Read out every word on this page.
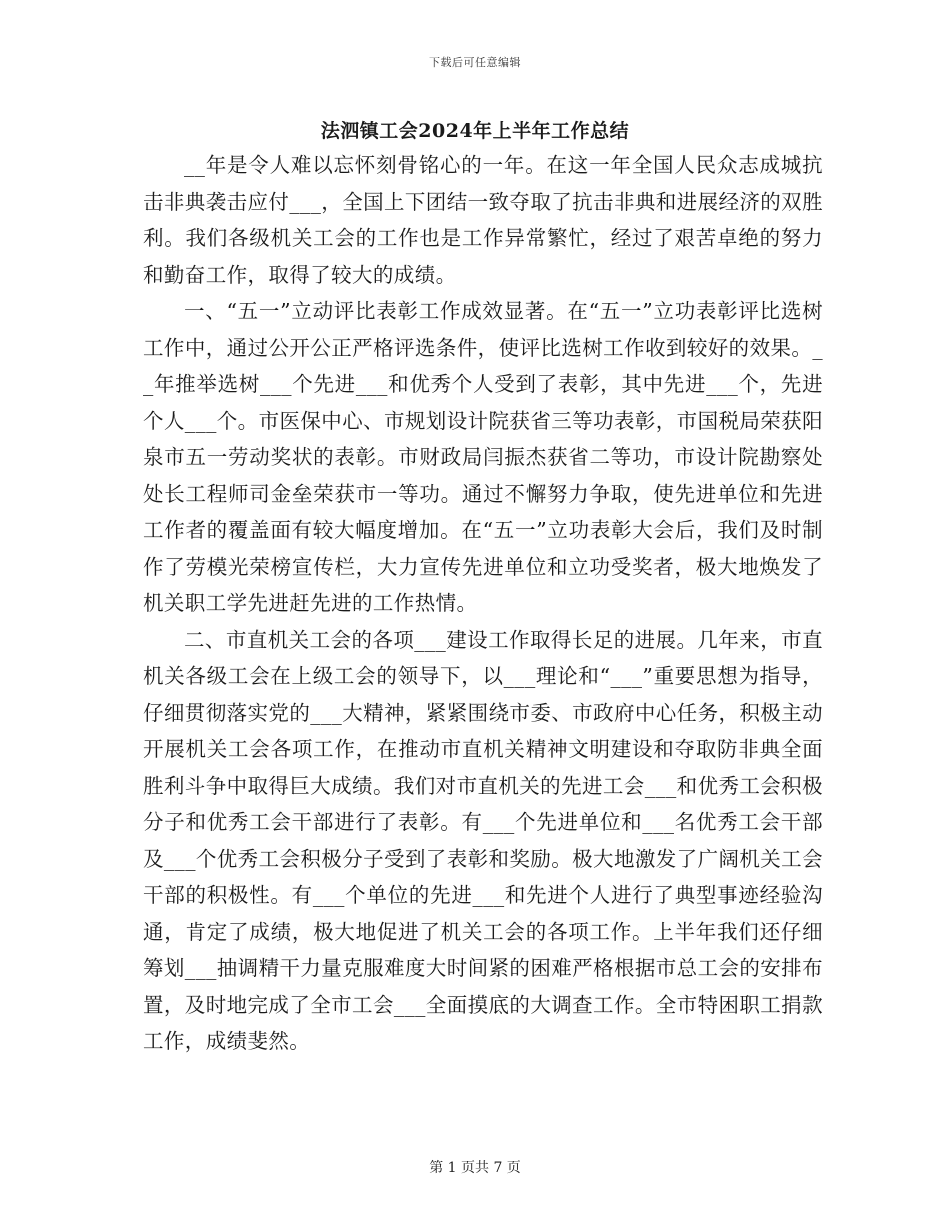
下载后可任意编辑
法泗镇工会2024年上半年工作总结

__年是令人难以忘怀刻骨铭心的一年。在这一年全国人民众志成城抗击非典袭击应付___，全国上下团结一致夺取了抗击非典和进展经济的双胜利。我们各级机关工会的工作也是工作异常繁忙，经过了艰苦卓绝的努力和勤奋工作，取得了较大的成绩。

一、“五一”立动评比表彰工作成效显著。在“五一”立功表彰评比选树工作中，通过公开公正严格评选条件，使评比选树工作收到较好的效果。__年推举选树___个先进___和优秀个人受到了表彰，其中先进___个，先进个人___个。市医保中心、市规划设计院获省三等功表彰，市国税局荣获阳泉市五一劳动奖状的表彰。市财政局闫振杰获省二等功，市设计院勘察处处长工程师司金垒荣获市一等功。通过不懈努力争取，使先进单位和先进工作者的覆盖面有较大幅度增加。在“五一”立功表彰大会后，我们及时制作了劳模光荣榜宣传栏，大力宣传先进单位和立功受奖者，极大地焕发了机关职工学先进赶先进的工作热情。

二、市直机关工会的各项___建设工作取得长足的进展。几年来，市直机关各级工会在上级工会的领导下，以___理论和“___”重要思想为指导，仔细贯彻落实党的___大精神，紧紧围绕市委、市政府中心任务，积极主动开展机关工会各项工作，在推动市直机关精神文明建设和夺取防非典全面胜利斗争中取得巨大成绩。我们对市直机关的先进工会___和优秀工会积极分子和优秀工会干部进行了表彰。有___个先进单位和___名优秀工会干部及___个优秀工会积极分子受到了表彰和奖励。极大地激发了广阔机关工会干部的积极性。有___个单位的先进___和先进个人进行了典型事迹经验沟通，肯定了成绩，极大地促进了机关工会的各项工作。上半年我们还仔细筹划___抽调精干力量克服难度大时间紧的困难严格根据市总工会的安排布置，及时地完成了全市工会___全面摸底的大调查工作。全市特困职工捐款工作，成绩斐然。

第 1 页共 7 页
